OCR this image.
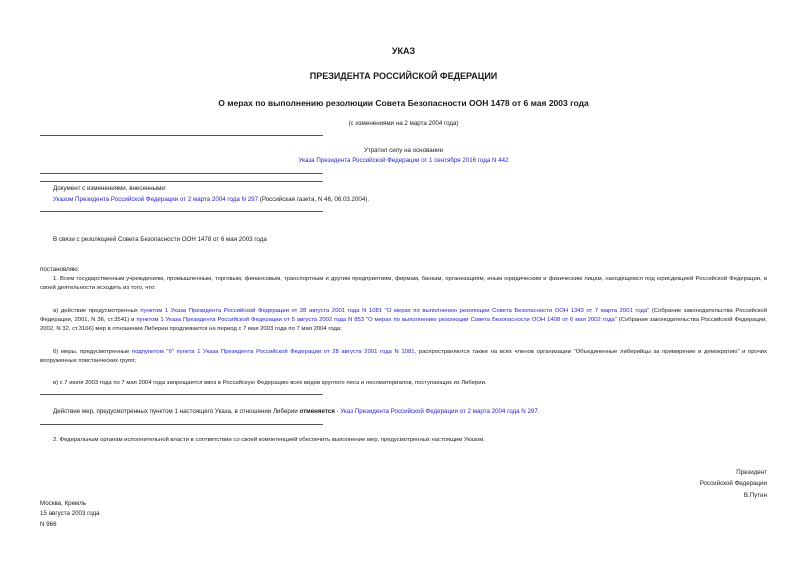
УКАЗ
ПРЕЗИДЕНТА РОССИЙСКОЙ ФЕДЕРАЦИИ
О мерах по выполнению резолюции Совета Безопасности ООН 1478 от 6 мая 2003 года
(с изменениями на 2 марта 2004 года)
Утратил силу на основании
Указа Президента Российской Федерации от 1 сентября 2016 года N 442
Документ с изменениями, внесенными:
Указом Президента Российской Федерации от 2 марта 2004 года N 297 (Российская газета, N 46, 06.03.2004).
В связи с резолюцией Совета Безопасности ООН 1478 от 6 мая 2003 года
постановляю:
1. Всем государственным учреждениям, промышленным, торговым, финансовым, транспортным и другим предприятиям, фирмам, банкам, организациям, иным юридическим и физическим лицам, находящимся под юрисдикцией Российской Федерации, в своей деятельности исходить из того, что:
а) действие предусмотренных пунктом 1 Указа Президента Российской Федерации от 28 августа 2001 года N 1081 "О мерах по выполнению резолюции Совета Безопасности ООН 1343 от 7 марта 2001 года" (Собрание законодательства Российской Федерации, 2001, N 36, ст.3541) и пунктом 1 Указа Президента Российской Федерации от 5 августа 2002 года N 853 "О мерах по выполнению резолюции Совета Безопасности ООН 1408 от 6 мая 2002 года" (Собрание законодательства Российской Федерации, 2002, N 32, ст.3166) мер в отношении Либерии продлевается на период с 7 мая 2003 года по 7 мая 2004 года;
б) меры, предусмотренные подпунктом "б" пункта 1 Указа Президента Российской Федерации от 28 августа 2001 года N 1081, распространяются также на всех членов организации "Объединенные либерийцы за примирение и демократию" и прочих вооруженных повстанческих групп;
в) с 7 июля 2003 года по 7 мая 2004 года запрещается ввоз в Российскую Федерацию всех видов круглого леса и лесоматериалов, поступающих из Либерии.
Действие мер, предусмотренных пунктом 1 настоящего Указа, в отношении Либерии отменяется - Указ Президента Российской Федерации от 2 марта 2004 года N 297.
2. Федеральным органам исполнительной власти в соответствии со своей компетенцией обеспечить выполнение мер, предусмотренных настоящим Указом.
Президент
Российской Федерации
В.Путин
Москва, Кремль
15 августа 2003 года
N 966
